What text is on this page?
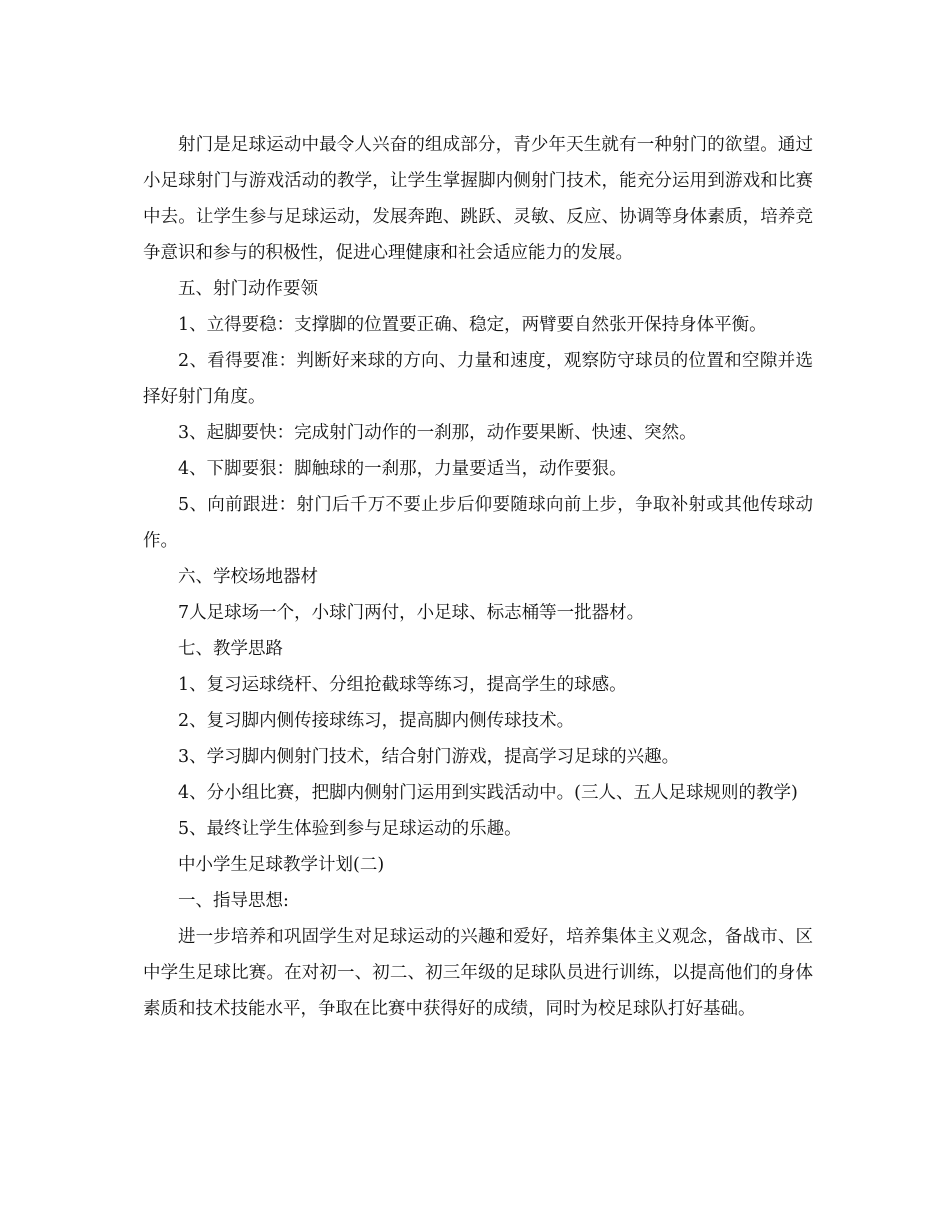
射门是足球运动中最令人兴奋的组成部分，青少年天生就有一种射门的欲望。通过小足球射门与游戏活动的教学，让学生掌握脚内侧射门技术，能充分运用到游戏和比赛中去。让学生参与足球运动，发展奔跑、跳跃、灵敏、反应、协调等身体素质，培养竞争意识和参与的积极性，促进心理健康和社会适应能力的发展。

五、射门动作要领

1、立得要稳：支撑脚的位置要正确、稳定，两臂要自然张开保持身体平衡。

2、看得要准：判断好来球的方向、力量和速度，观察防守球员的位置和空隙并选择好射门角度。

3、起脚要快：完成射门动作的一刹那，动作要果断、快速、突然。

4、下脚要狠：脚触球的一刹那，力量要适当，动作要狠。

5、向前跟进：射门后千万不要止步后仰要随球向前上步，争取补射或其他传球动作。

六、学校场地器材

7人足球场一个，小球门两付，小足球、标志桶等一批器材。

七、教学思路

1、复习运球绕杆、分组抢截球等练习，提高学生的球感。

2、复习脚内侧传接球练习，提高脚内侧传球技术。

3、学习脚内侧射门技术，结合射门游戏，提高学习足球的兴趣。

4、分小组比赛，把脚内侧射门运用到实践活动中。(三人、五人足球规则的教学)

5、最终让学生体验到参与足球运动的乐趣。

中小学生足球教学计划(二)

一、指导思想:

进一步培养和巩固学生对足球运动的兴趣和爱好，培养集体主义观念，备战市、区中学生足球比赛。在对初一、初二、初三年级的足球队员进行训练，以提高他们的身体素质和技术技能水平，争取在比赛中获得好的成绩，同时为校足球队打好基础。
